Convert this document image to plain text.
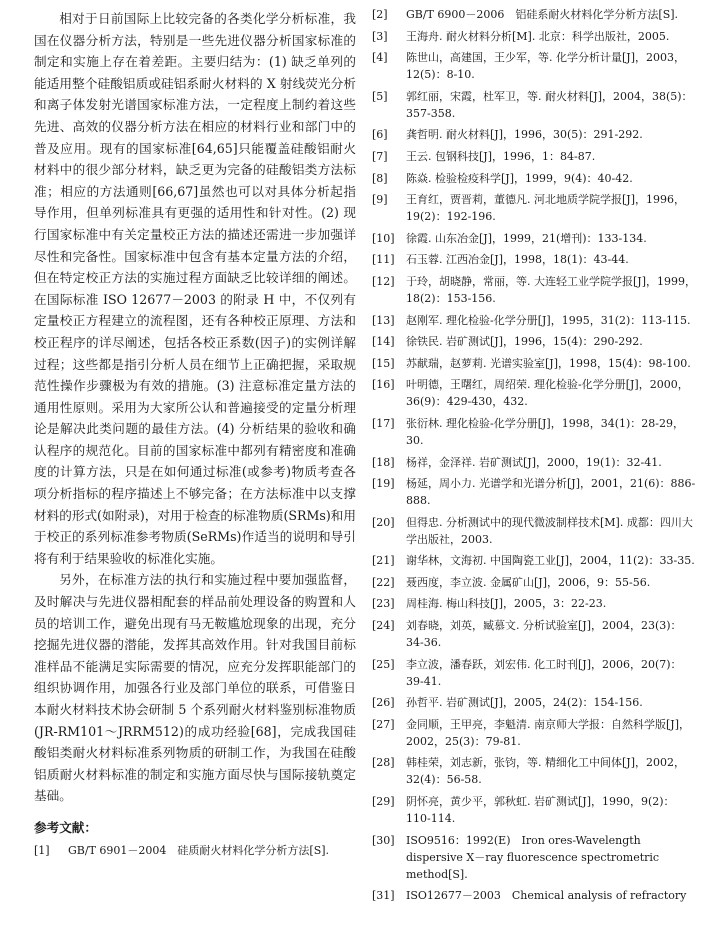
相对于日前国际上比较完备的各类化学分析标准，我国在仪器分析方法，特别是一些先进仪器分析国家标准的制定和实施上存在着差距。主要归结为：(1) 缺乏单列的能适用整个硅酸铝质或硅铝系耐火材料的 X 射线荧光分析和离子体发射光谱国家标准方法，一定程度上制约着这些先进、高效的仪器分析方法在相应的材料行业和部门中的普及应用。现有的国家标准[64,65]只能覆盖硅酸铝耐火材料中的很少部分材料，缺乏更为完备的硅酸铝类方法标准；相应的方法通则[66,67]虽然也可以对具体分析起指导作用，但单列标准具有更强的适用性和针对性。(2) 现行国家标准中有关定量校正方法的描述还需进一步加强详尽性和完备性。国家标准中包含有基本定量方法的介绍，但在特定校正方法的实施过程方面缺乏比较详细的阐述。在国际标准 ISO 12677－2003 的附录 H 中，不仅列有定量校正方程建立的流程图，还有各种校正原理、方法和校正程序的详尽阐述，包括各校正系数(因子)的实例详解过程；这些都是指引分析人员在细节上正确把握，采取规范性操作步骤极为有效的措施。(3) 注意标准定量方法的通用性原则。采用为大家所公认和普遍接受的定量分析理论是解决此类问题的最佳方法。(4) 分析结果的验收和确认程序的规范化。目前的国家标准中都列有精密度和准确度的计算方法，只是在如何通过标准(或参考)物质考查各项分析指标的程序描述上不够完备；在方法标准中以支撑材料的形式(如附录)，对用于检查的标准物质(SRMs)和用于校正的系列标准参考物质(SeRMs)作适当的说明和导引将有利于结果验收的标准化实施。

另外，在标准方法的执行和实施过程中要加强监督，及时解决与先进仪器相配套的样品前处理设备的购置和人员的培训工作，避免出现有马无鞍尴尬现象的出现，充分挖掘先进仪器的潜能，发挥其高效作用。针对我国目前标准样品不能满足实际需要的情况，应充分发挥职能部门的组织协调作用，加强各行业及部门单位的联系，可借鉴日本耐火材料技术协会研制 5 个系列耐火材料鉴别标准物质(JR-RM101～JRRM512)的成功经验[68]，完成我国硅酸铝类耐火材料标准系列物质的研制工作，为我国在硅酸铝质耐火材料标准的制定和实施方面尽快与国际接轨奠定基础。

参考文献：
[1]	GB/T 6901－2004　硅质耐火材料化学分析方法[S].
[2]	GB/T 6900－2006　铝硅系耐火材料化学分析方法[S].
[3]	王海舟. 耐火材料分析[M]. 北京：科学出版社，2005.
[4]	陈世山，高建国，王少军，等. 化学分析计量[J]，2003，12(5)：8-10.
[5]	郭红丽，宋霞，杜军卫，等. 耐火材料[J]，2004，38(5)：357-358.
[6]	龚哲明. 耐火材料[J]，1996，30(5)：291-292.
[7]	王云. 包钢科技[J]，1996，1：84-87.
[8]	陈焱. 检验检疫科学[J]，1999，9(4)：40-42.
[9]	王育红，贾晋莉，董德凡. 河北地质学院学报[J]，1996，19(2)：192-196.
[10]	徐霞. 山东冶金[J]，1999，21(增刊)：133-134.
[11]	石玉蓉. 江西冶金[J]，1998，18(1)：43-44.
[12]	于玲，胡晓静，常丽，等. 大连轻工业学院学报[J]，1999，18(2)：153-156.
[13]	赵刚军. 理化检验-化学分册[J]，1995，31(2)：113-115.
[14]	徐铁民. 岩矿测试[J]，1996，15(4)：290-292.
[15]	苏献瑞，赵萝莉. 光谱实验室[J]，1998，15(4)：98-100.
[16]	叶明德，王曙红，周绍荣. 理化检验-化学分册[J]，2000，36(9)：429-430，432.
[17]	张衍林. 理化检验-化学分册[J]，1998，34(1)：28-29，30.
[18]	杨祥，金泽祥. 岩矿测试[J]，2000，19(1)：32-41.
[19]	杨延，周小力. 光谱学和光谱分析[J]，2001，21(6)：886-888.
[20]	但得忠. 分析测试中的现代微波制样技术[M]. 成都：四川大学出版社，2003.
[21]	谢华林，文海初. 中国陶瓷工业[J]，2004，11(2)：33-35.
[22]	聂西度，李立波. 金属矿山[J]，2006，9：55-56.
[23]	周桂海. 梅山科技[J]，2005，3：22-23.
[24]	刘春晓，刘英，臧慕文. 分析试验室[J]，2004，23(3)：34-36.
[25]	李立波，潘春跃，刘宏伟. 化工时刊[J]，2006，20(7)：39-41.
[26]	孙哲平. 岩矿测试[J]，2005，24(2)：154-156.
[27]	金同顺，王甲亮，李魁清. 南京师大学报：自然科学版[J]，2002，25(3)：79-81.
[28]	韩桂荣，刘志新，张钧，等. 精细化工中间体[J]，2002，32(4)：56-58.
[29]	阴怀亮，黄少平，郭秋虹. 岩矿测试[J]，1990，9(2)：110-114.
[30]	ISO9516：1992(E)　Iron ores-Wavelength dispersive X－ray fluorescence spectrometric method[S].
[31]	ISO12677－2003　Chemical analysis of refractory
